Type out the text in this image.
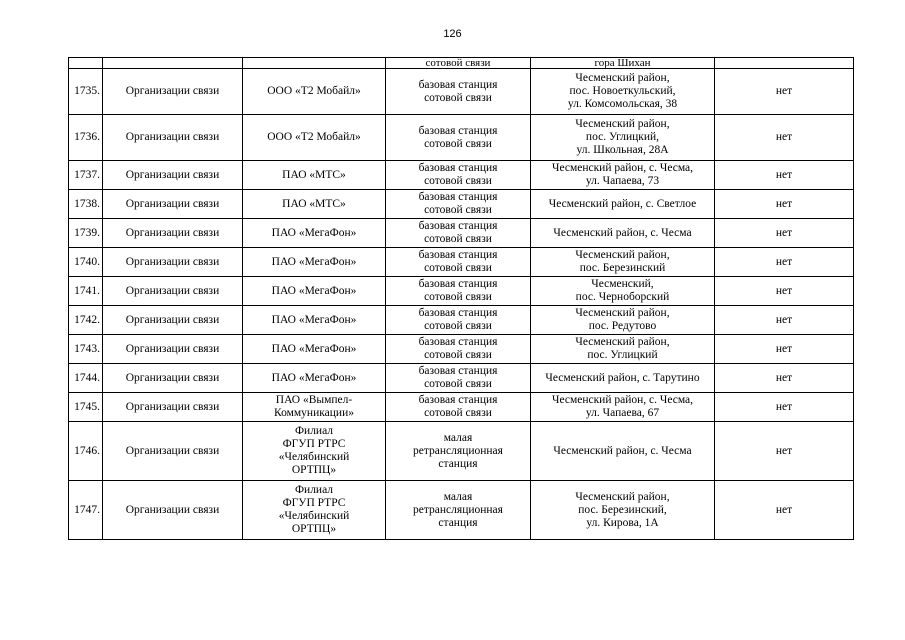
126
			сотовой связи	гора Шихан	
1735.	Организации связи	ООО «Т2 Мобайл»	базовая станция
сотовой связи	Чесменский район,
пос. Новоеткульский,
ул. Комсомольская, 38	нет
1736.	Организации связи	ООО «Т2 Мобайл»	базовая станция
сотовой связи	Чесменский район,
пос. Углицкий,
ул. Школьная, 28А	нет
1737.	Организации связи	ПАО «МТС»	базовая станция
сотовой связи	Чесменский район, с. Чесма,
ул. Чапаева, 73	нет
1738.	Организации связи	ПАО «МТС»	базовая станция
сотовой связи	Чесменский район, с. Светлое	нет
1739.	Организации связи	ПАО «МегаФон»	базовая станция
сотовой связи	Чесменский район, с. Чесма	нет
1740.	Организации связи	ПАО «МегаФон»	базовая станция
сотовой связи	Чесменский район,
пос. Березинский	нет
1741.	Организации связи	ПАО «МегаФон»	базовая станция
сотовой связи	Чесменский,
пос. Черноборский	нет
1742.	Организации связи	ПАО «МегаФон»	базовая станция
сотовой связи	Чесменский район,
пос. Редутово	нет
1743.	Организации связи	ПАО «МегаФон»	базовая станция
сотовой связи	Чесменский район,
пос. Углицкий	нет
1744.	Организации связи	ПАО «МегаФон»	базовая станция
сотовой связи	Чесменский район, с. Тарутино	нет
1745.	Организации связи	ПАО «Вымпел-
Коммуникации»	базовая станция
сотовой связи	Чесменский район, с. Чесма,
ул. Чапаева, 67	нет
1746.	Организации связи	Филиал
ФГУП РТРС
«Челябинский
ОРТПЦ»	малая
ретрансляционная
станция	Чесменский район, с. Чесма	нет
1747.	Организации связи	Филиал
ФГУП РТРС
«Челябинский
ОРТПЦ»	малая
ретрансляционная
станция	Чесменский район,
пос. Березинский,
ул. Кирова, 1А	нет
